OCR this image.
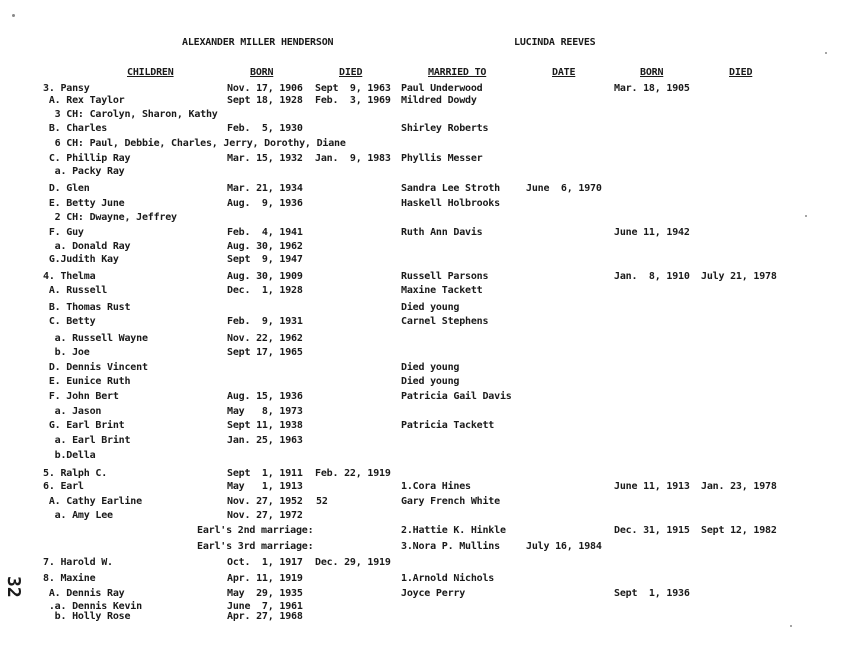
ALEXANDER MILLER HENDERSON	LUCINDA REEVES
CHILDREN	BORN	DIED	MARRIED TO	DATE	BORN	DIED
3. Pansy	Nov. 17, 1906 Sept  9, 1963 Paul Underwood	Mar. 18, 1905
A. Rex Taylor	Sept 18, 1928 Feb.  3, 1969 Mildred Dowdy
3 CH: Carolyn, Sharon, Kathy
B. Charles	Feb.  5, 1930	Shirley Roberts
6 CH: Paul, Debbie, Charles, Jerry, Dorothy, Diane
C. Phillip Ray	Mar. 15, 1932 Jan.  9, 1983 Phyllis Messer
a. Packy Ray
D. Glen	Mar. 21, 1934	Sandra Lee Stroth	June  6, 1970
E. Betty June	Aug.  9, 1936	Haskell Holbrooks
2 CH: Dwayne, Jeffrey
F. Guy	Feb.  4, 1941	Ruth Ann Davis	June 11, 1942
a. Donald Ray	Aug. 30, 1962
G.Judith Kay	Sept  9, 1947
4. Thelma	Aug. 30, 1909	Russell Parsons	Jan.  8, 1910 July 21, 1978
A. Russell	Dec.  1, 1928	Maxine Tackett
B. Thomas Rust	Died young
C. Betty	Feb.  9, 1931	Carnel Stephens
a. Russell Wayne	Nov. 22, 1962
b. Joe	Sept 17, 1965
D. Dennis Vincent	Died young
E. Eunice Ruth	Died young
F. John Bert	Aug. 15, 1936	Patricia Gail Davis
a. Jason	May   8, 1973
G. Earl Brint	Sept 11, 1938	Patricia Tackett
a. Earl Brint	Jan. 25, 1963
b.Della
5. Ralph C.	Sept  1, 1911 Feb. 22, 1919
6. Earl	May   1, 1913	1.Cora Hines	June 11, 1913 Jan. 23, 1978
A. Cathy Earline	Nov. 27, 1952 52	Gary French White
a. Amy Lee	Nov. 27, 1972
Earl's 2nd marriage:	2.Hattie K. Hinkle	Dec. 31, 1915 Sept 12, 1982
Earl's 3rd marriage:	3.Nora P. Mullins	July 16, 1984
7. Harold W.	Oct.  1, 1917 Dec. 29, 1919
8. Maxine	Apr. 11, 1919	1.Arnold Nichols
A. Dennis Ray	May  29, 1935	Joyce Perry	Sept  1, 1936
.a. Dennis Kevin	June  7, 1961
b. Holly Rose	Apr. 27, 1968
32
